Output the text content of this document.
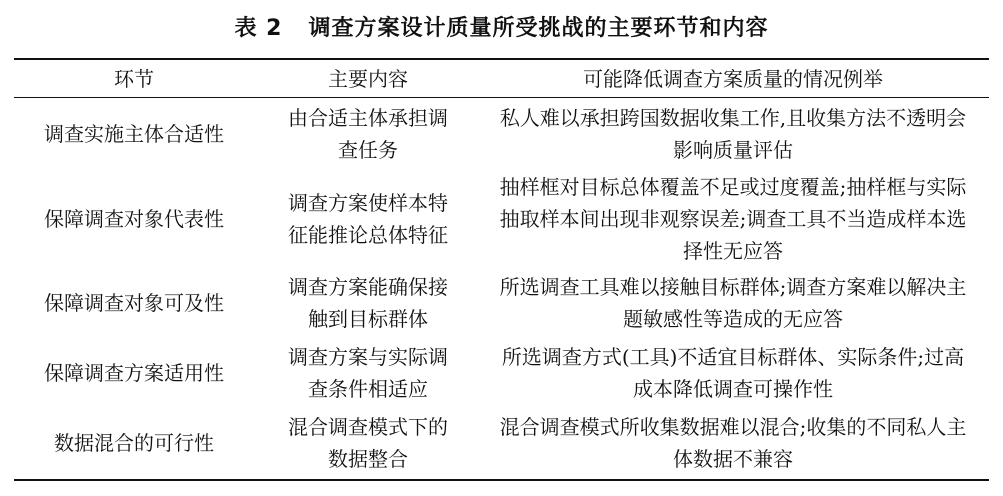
表 2 调查方案设计质量所受挑战的主要环节和内容
环节	主要内容	可能降低调查方案质量的情况例举
调查实施主体合适性
由合适主体承担调查任务
私人难以承担跨国数据收集工作,且收集方法不透明会影响质量评估
保障调查对象代表性
调查方案使样本特征能推论总体特征
抽样框对目标总体覆盖不足或过度覆盖;抽样框与实际抽取样本间出现非观察误差;调查工具不当造成样本选择性无应答
保障调查对象可及性
调查方案能确保接触到目标群体
所选调查工具难以接触目标群体;调查方案难以解决主题敏感性等造成的无应答
保障调查方案适用性
调查方案与实际调查条件相适应
所选调查方式(工具)不适宜目标群体、实际条件;过高成本降低调查可操作性
数据混合的可行性
混合调查模式下的数据整合
混合调查模式所收集数据难以混合;收集的不同私人主体数据不兼容
